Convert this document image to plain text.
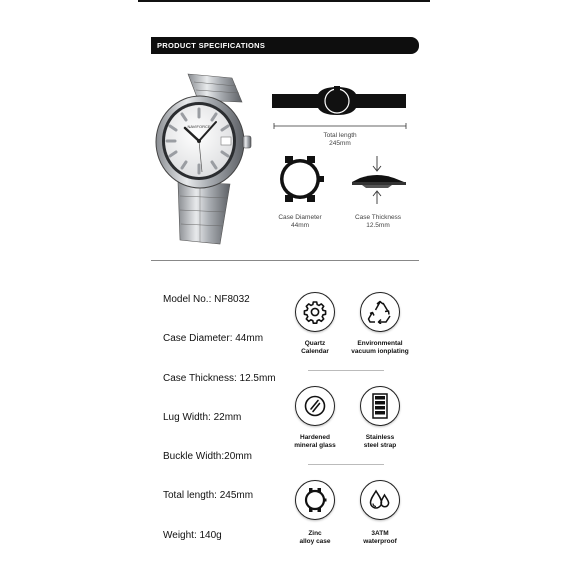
PRODUCT SPECIFICATIONS
NAVIFORCE
Total length
245mm
Case Diameter
44mm
Case Thickness
12.5mm
Model No.: NF8032
Case Diameter: 44mm
Case Thickness: 12.5mm
Lug Width: 22mm
Buckle Width:20mm
Total length: 245mm
Weight: 140g
Quartz
Calendar
Environmental
vacuum ionplating
Hardened
mineral glass
Stainless
steel strap
Zinc
alloy case
3ATM
waterproof
